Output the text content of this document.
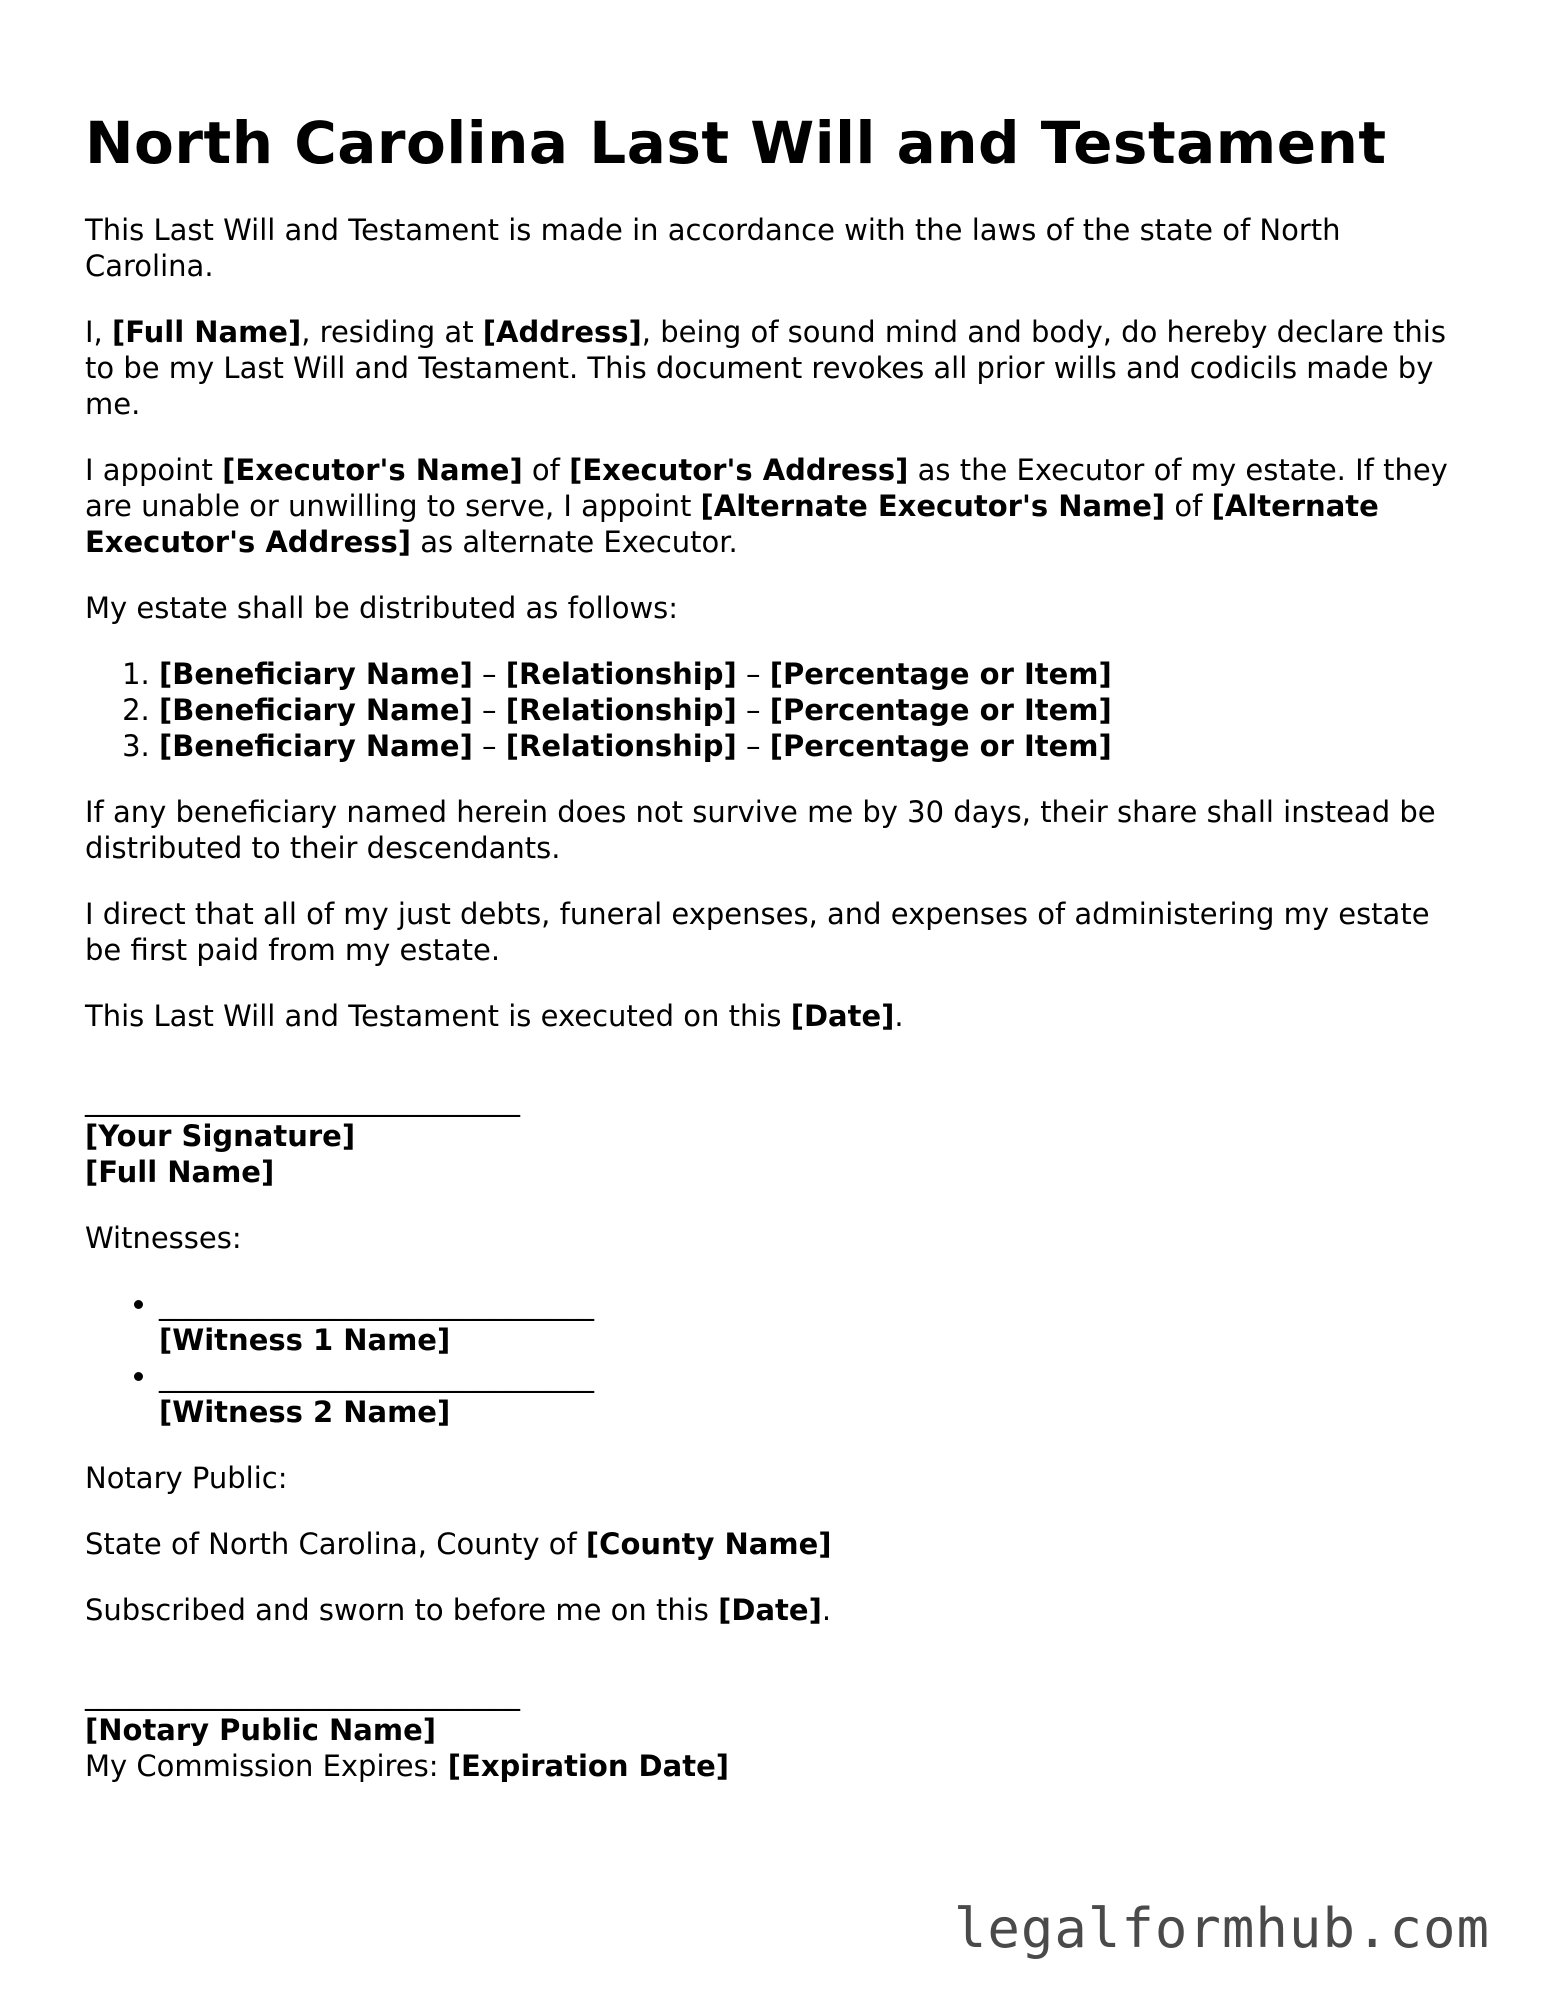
North Carolina Last Will and Testament

This Last Will and Testament is made in accordance with the laws of the state of North Carolina.

I, [Full Name], residing at [Address], being of sound mind and body, do hereby declare this to be my Last Will and Testament. This document revokes all prior wills and codicils made by me.

I appoint [Executor's Name] of [Executor's Address] as the Executor of my estate. If they are unable or unwilling to serve, I appoint [Alternate Executor's Name] of [Alternate Executor's Address] as alternate Executor.

My estate shall be distributed as follows:

1. [Beneficiary Name] – [Relationship] – [Percentage or Item]
2. [Beneficiary Name] – [Relationship] – [Percentage or Item]
3. [Beneficiary Name] – [Relationship] – [Percentage or Item]

If any beneficiary named herein does not survive me by 30 days, their share shall instead be distributed to their descendants.

I direct that all of my just debts, funeral expenses, and expenses of administering my estate be first paid from my estate.

This Last Will and Testament is executed on this [Date].

______________________________
[Your Signature]
[Full Name]

Witnesses:

• ______________________________
[Witness 1 Name]
• ______________________________
[Witness 2 Name]

Notary Public:

State of North Carolina, County of [County Name]

Subscribed and sworn to before me on this [Date].

______________________________
[Notary Public Name]
My Commission Expires: [Expiration Date]

legalformhub.com
